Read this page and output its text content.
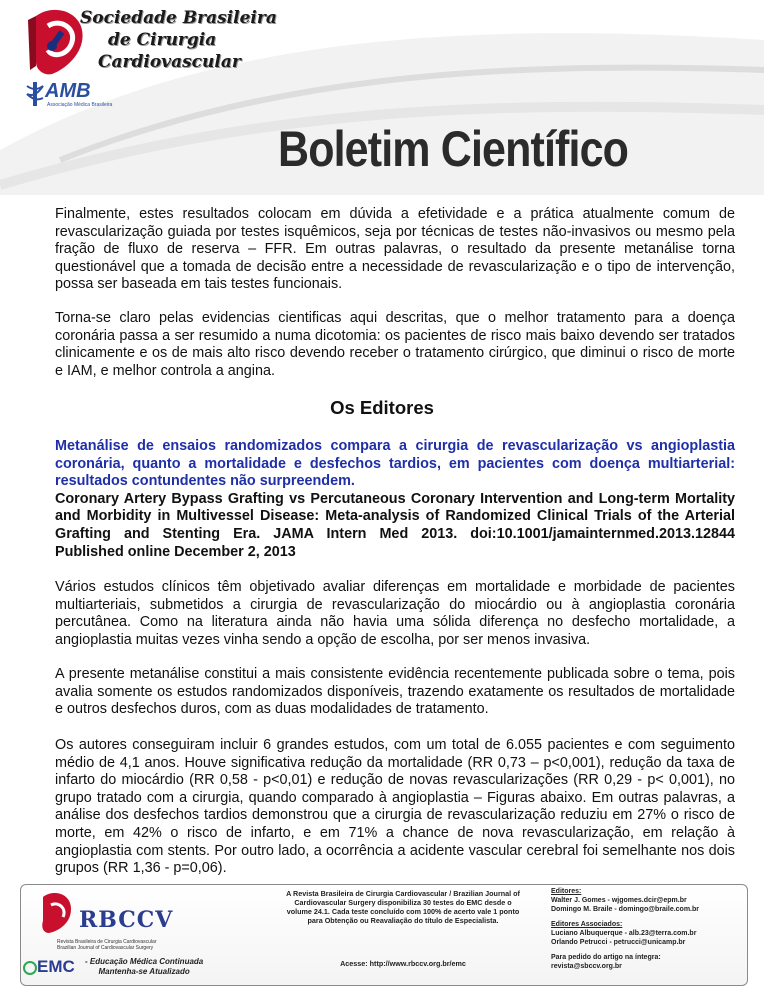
Sociedade Brasileira
de Cirurgia
Cardiovascular
AMB
Associação Médica Brasileira
Boletim Científico

Finalmente, estes resultados colocam em dúvida a efetividade e a prática atualmente comum de revascularização guiada por testes isquêmicos, seja por técnicas de testes não-invasivos ou mesmo pela fração de fluxo de reserva – FFR. Em outras palavras, o resultado da presente metanálise torna questionável que a tomada de decisão entre a necessidade de revascularização e o tipo de intervenção, possa ser baseada em tais testes funcionais.

Torna-se claro pelas evidencias cientificas aqui descritas, que o melhor tratamento para a doença coronária passa a ser resumido a numa dicotomia: os pacientes de risco mais baixo devendo ser tratados clinicamente e os de mais alto risco devendo receber o tratamento cirúrgico, que diminui o risco de morte e IAM, e melhor controla a angina.

Os Editores

Metanálise de ensaios randomizados compara a cirurgia de revascularização vs angioplastia coronária, quanto a mortalidade e desfechos tardios, em pacientes com doença multiarterial: resultados contundentes não surpreendem.

Coronary Artery Bypass Grafting vs Percutaneous Coronary Intervention and Long-term Mortality and Morbidity in Multivessel Disease: Meta-analysis of Randomized Clinical Trials of the Arterial Grafting and Stenting Era. JAMA Intern Med 2013. doi:10.1001/jamainternmed.2013.12844 Published online December 2, 2013

Vários estudos clínicos têm objetivado avaliar diferenças em mortalidade e morbidade de pacientes multiarteriais, submetidos a cirurgia de revascularização do miocárdio ou à angioplastia coronária percutânea. Como na literatura ainda não havia uma sólida diferença no desfecho mortalidade, a angioplastia muitas vezes vinha sendo a opção de escolha, por ser menos invasiva.

A presente metanálise constitui a mais consistente evidência recentemente publicada sobre o tema, pois avalia somente os estudos randomizados disponíveis, trazendo exatamente os resultados de mortalidade e outros desfechos duros, com as duas modalidades de tratamento.

Os autores conseguiram incluir 6 grandes estudos, com um total de 6.055 pacientes e com seguimento médio de 4,1 anos. Houve significativa redução da mortalidade (RR 0,73 – p<0,001), redução da taxa de infarto do miocárdio (RR 0,58 - p<0,01) e redução de novas revascularizações (RR 0,29 - p< 0,001), no grupo tratado com a cirurgia, quando comparado à angioplastia – Figuras abaixo. Em outras palavras, a análise dos desfechos tardios demonstrou que a cirurgia de revascularização reduziu em 27% o risco de morte, em 42% o risco de infarto, e em 71% a chance de nova revascularização, em relação à angioplastia com stents. Por outro lado, a ocorrência a acidente vascular cerebral foi semelhante nos dois grupos (RR 1,36 - p=0,06).

RBCCV
Revista Brasileira de Cirurgia Cardiovascular
Brazilian Journal of Cardiovascular Surgery
EMC - Educação Médica Continuada
Mantenha-se Atualizado
A Revista Brasileira de Cirurgia Cardiovascular / Brazilian Journal of Cardiovascular Surgery disponibiliza 30 testes do EMC desde o volume 24.1. Cada teste concluído com 100% de acerto vale 1 ponto para Obtenção ou Reavaliação do título de Especialista.
Acesse: http://www.rbccv.org.br/emc
Editores:
Walter J. Gomes - wjgomes.dcir@epm.br
Domingo M. Braile - domingo@braile.com.br
Editores Associados:
Luciano Albuquerque - alb.23@terra.com.br
Orlando Petrucci - petrucci@unicamp.br
Para pedido do artigo na íntegra:
revista@sbccv.org.br
